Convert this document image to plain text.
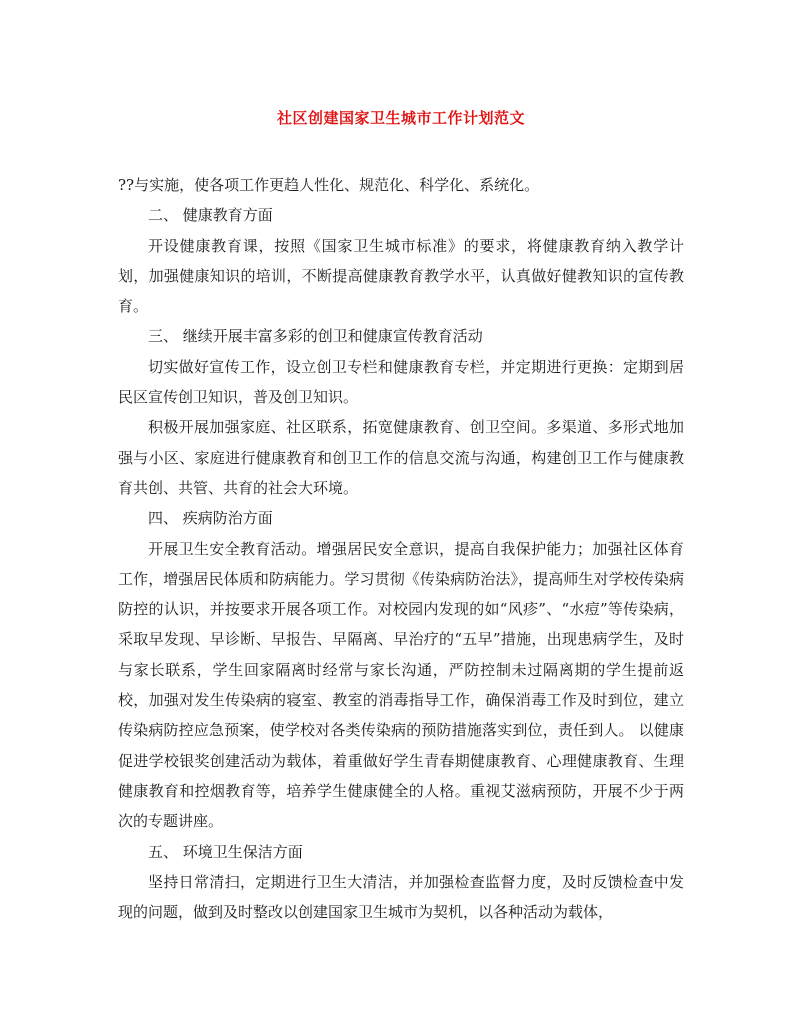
社区创建国家卫生城市工作计划范文

??与实施，使各项工作更趋人性化、规范化、科学化、系统化。

二、 健康教育方面

开设健康教育课，按照《国家卫生城市标准》的要求，将健康教育纳入教学计划，加强健康知识的培训，不断提高健康教育教学水平，认真做好健教知识的宣传教育。

三、 继续开展丰富多彩的创卫和健康宣传教育活动

切实做好宣传工作，设立创卫专栏和健康教育专栏，并定期进行更换：定期到居民区宣传创卫知识，普及创卫知识。

积极开展加强家庭、社区联系，拓宽健康教育、创卫空间。多渠道、多形式地加强与小区、家庭进行健康教育和创卫工作的信息交流与沟通，构建创卫工作与健康教育共创、共管、共育的社会大环境。

四、 疾病防治方面

开展卫生安全教育活动。增强居民安全意识，提高自我保护能力；加强社区体育工作，增强居民体质和防病能力。学习贯彻《传染病防治法》，提高师生对学校传染病防控的认识，并按要求开展各项工作。对校园内发现的如“风疹”、“水痘”等传染病，采取早发现、早诊断、早报告、早隔离、早治疗的“五早”措施，出现患病学生，及时与家长联系，学生回家隔离时经常与家长沟通，严防控制未过隔离期的学生提前返校，加强对发生传染病的寝室、教室的消毒指导工作，确保消毒工作及时到位，建立传染病防控应急预案，使学校对各类传染病的预防措施落实到位，责任到人。 以健康促进学校银奖创建活动为载体，着重做好学生青春期健康教育、心理健康教育、生理健康教育和控烟教育等，培养学生健康健全的人格。重视艾滋病预防，开展不少于两次的专题讲座。

五、 环境卫生保洁方面

坚持日常清扫，定期进行卫生大清洁，并加强检查监督力度，及时反馈检查中发现的问题，做到及时整改以创建国家卫生城市为契机，以各种活动为载体，
